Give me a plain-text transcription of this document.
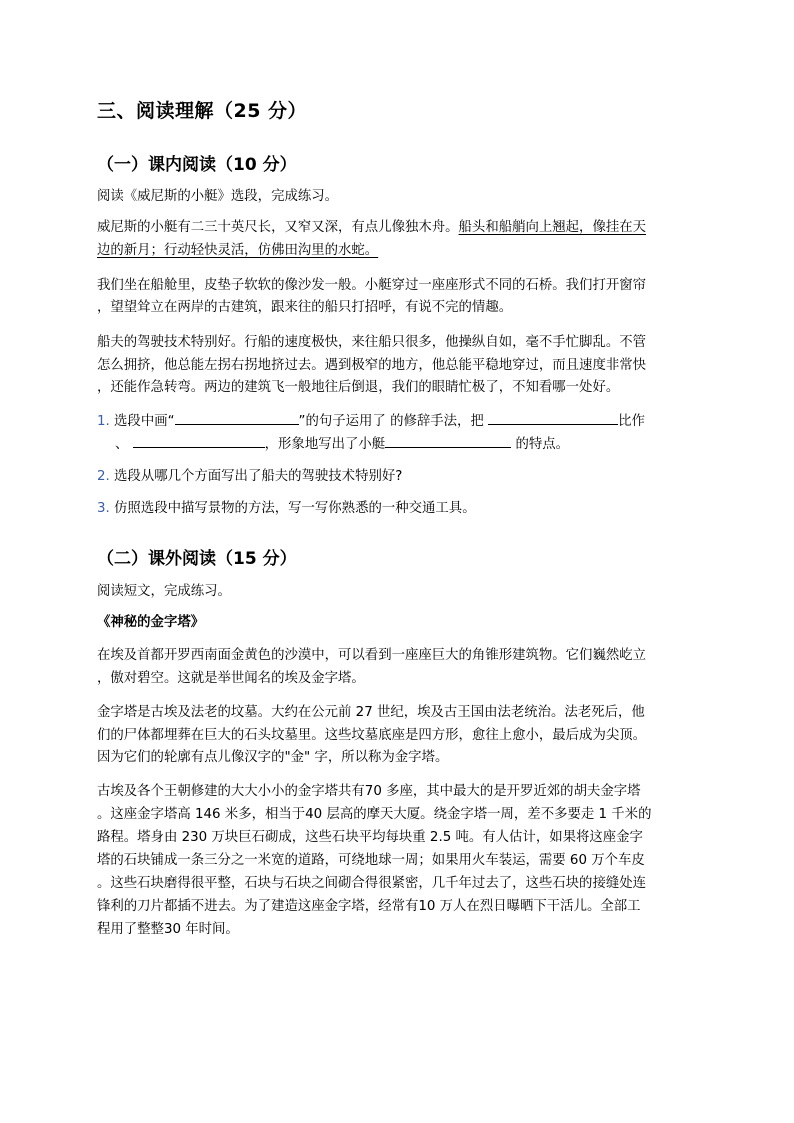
三、阅读理解（25 分）
（一）课内阅读（10 分）
阅读《威尼斯的小艇》选段，完成练习。
威尼斯的小艇有二三十英尺长，又窄又深，有点儿像独木舟。船头和船艄向上翘起，像挂在天
边的新月；行动轻快灵活，仿佛田沟里的水蛇。
我们坐在船舱里，皮垫子软软的像沙发一般。小艇穿过一座座形式不同的石桥。我们打开窗帘
，望望耸立在两岸的古建筑，跟来往的船只打招呼，有说不完的情趣。
船夫的驾驶技术特别好。行船的速度极快，来往船只很多，他操纵自如，毫不手忙脚乱。不管
怎么拥挤，他总能左拐右拐地挤过去。遇到极窄的地方，他总能平稳地穿过，而且速度非常快
，还能作急转弯。两边的建筑飞一般地往后倒退，我们的眼睛忙极了，不知看哪一处好。
1. 选段中画“	”的句子运用了 的修辞手法，把	比作
、	，形象地写出了小艇	的特点。
2. 选段从哪几个方面写出了船夫的驾驶技术特别好?
3. 仿照选段中描写景物的方法，写一写你熟悉的一种交通工具。
（二）课外阅读（15 分）
阅读短文，完成练习。
《神秘的金字塔》
在埃及首都开罗西南面金黄色的沙漠中，可以看到一座座巨大的角锥形建筑物。它们巍然屹立
，傲对碧空。这就是举世闻名的埃及金字塔。
金字塔是古埃及法老的坟墓。大约在公元前 27 世纪，埃及古王国由法老统治。法老死后，他
们的尸体都埋葬在巨大的石头坟墓里。这些坟墓底座是四方形，愈往上愈小，最后成为尖顶。
因为它们的轮廓有点儿像汉字的"金" 字，所以称为金字塔。
古埃及各个王朝修建的大大小小的金字塔共有70 多座，其中最大的是开罗近郊的胡夫金字塔
。这座金字塔高 146 米多，相当于40 层高的摩天大厦。绕金字塔一周，差不多要走 1 千米的
路程。塔身由 230 万块巨石砌成，这些石块平均每块重 2.5 吨。有人估计，如果将这座金字
塔的石块铺成一条三分之一米宽的道路，可绕地球一周；如果用火车装运，需要 60 万个车皮
。这些石块磨得很平整，石块与石块之间砌合得很紧密，几千年过去了，这些石块的接缝处连
锋利的刀片都插不进去。为了建造这座金字塔，经常有10 万人在烈日曝晒下干活儿。全部工
程用了整整30 年时间。
